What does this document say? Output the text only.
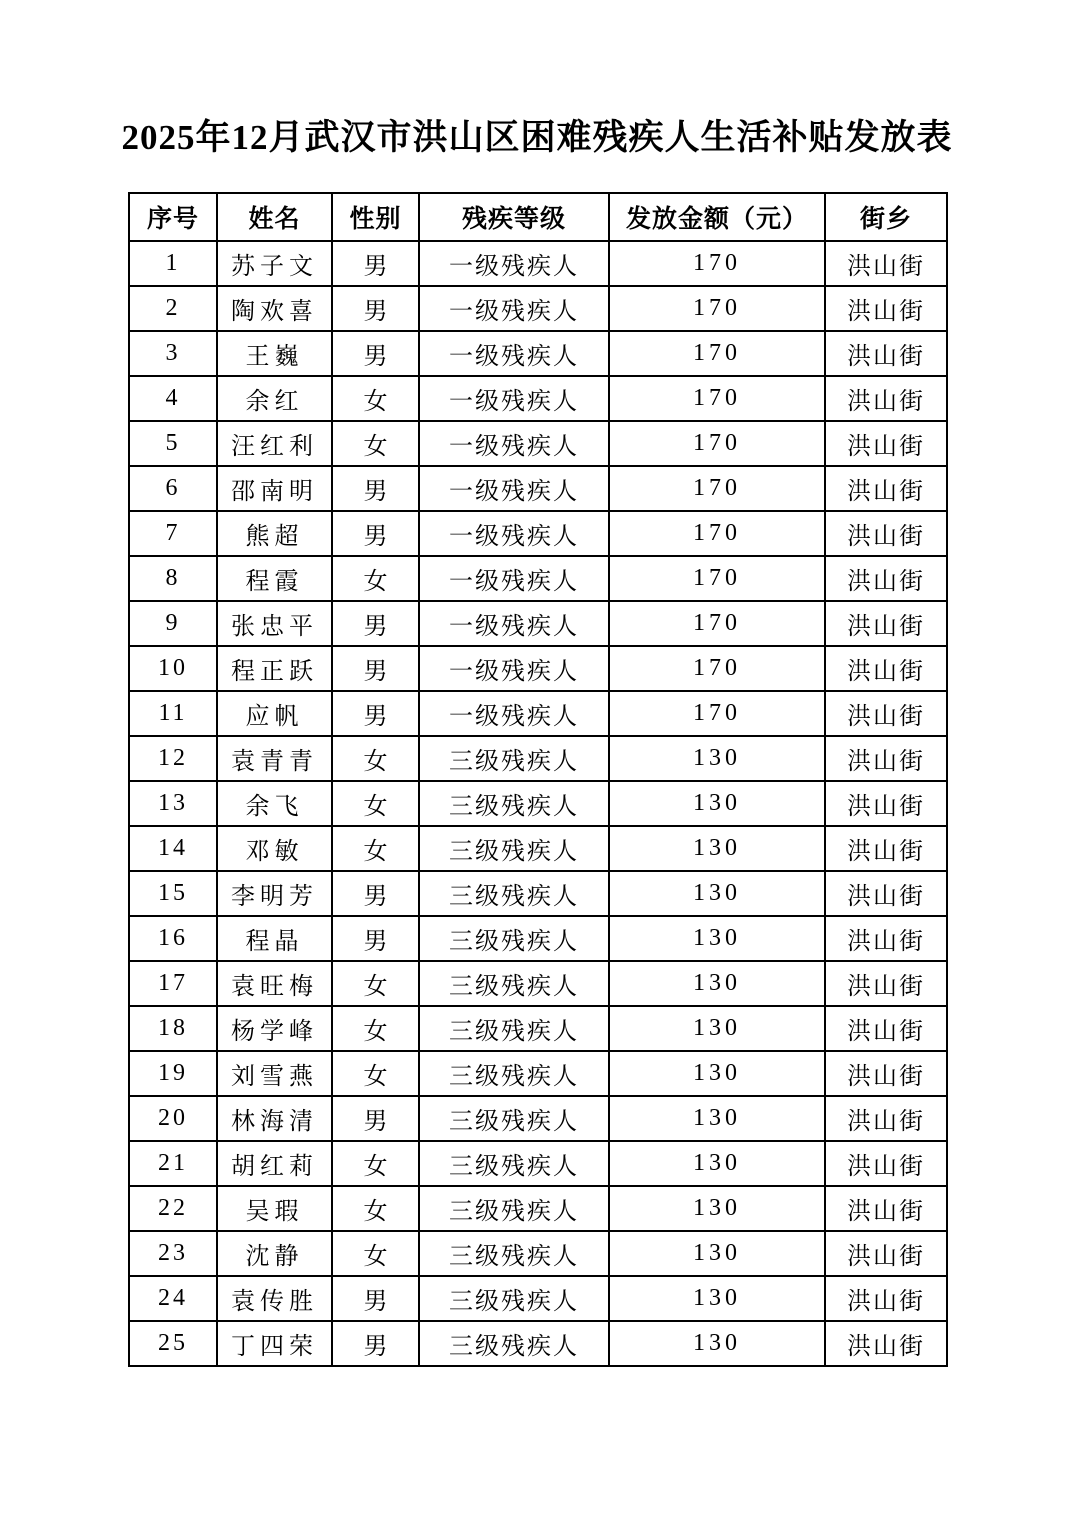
2025年12月武汉市洪山区困难残疾人生活补贴发放表
序号	姓名	性别	残疾等级	发放金额（元）	街乡
1	苏子文	男	一级残疾人	170	洪山街
2	陶欢喜	男	一级残疾人	170	洪山街
3	王巍	男	一级残疾人	170	洪山街
4	余红	女	一级残疾人	170	洪山街
5	汪红利	女	一级残疾人	170	洪山街
6	邵南明	男	一级残疾人	170	洪山街
7	熊超	男	一级残疾人	170	洪山街
8	程霞	女	一级残疾人	170	洪山街
9	张忠平	男	一级残疾人	170	洪山街
10	程正跃	男	一级残疾人	170	洪山街
11	应帆	男	一级残疾人	170	洪山街
12	袁青青	女	三级残疾人	130	洪山街
13	余飞	女	三级残疾人	130	洪山街
14	邓敏	女	三级残疾人	130	洪山街
15	李明芳	男	三级残疾人	130	洪山街
16	程晶	男	三级残疾人	130	洪山街
17	袁旺梅	女	三级残疾人	130	洪山街
18	杨学峰	女	三级残疾人	130	洪山街
19	刘雪燕	女	三级残疾人	130	洪山街
20	林海清	男	三级残疾人	130	洪山街
21	胡红莉	女	三级残疾人	130	洪山街
22	吴瑕	女	三级残疾人	130	洪山街
23	沈静	女	三级残疾人	130	洪山街
24	袁传胜	男	三级残疾人	130	洪山街
25	丁四荣	男	三级残疾人	130	洪山街
